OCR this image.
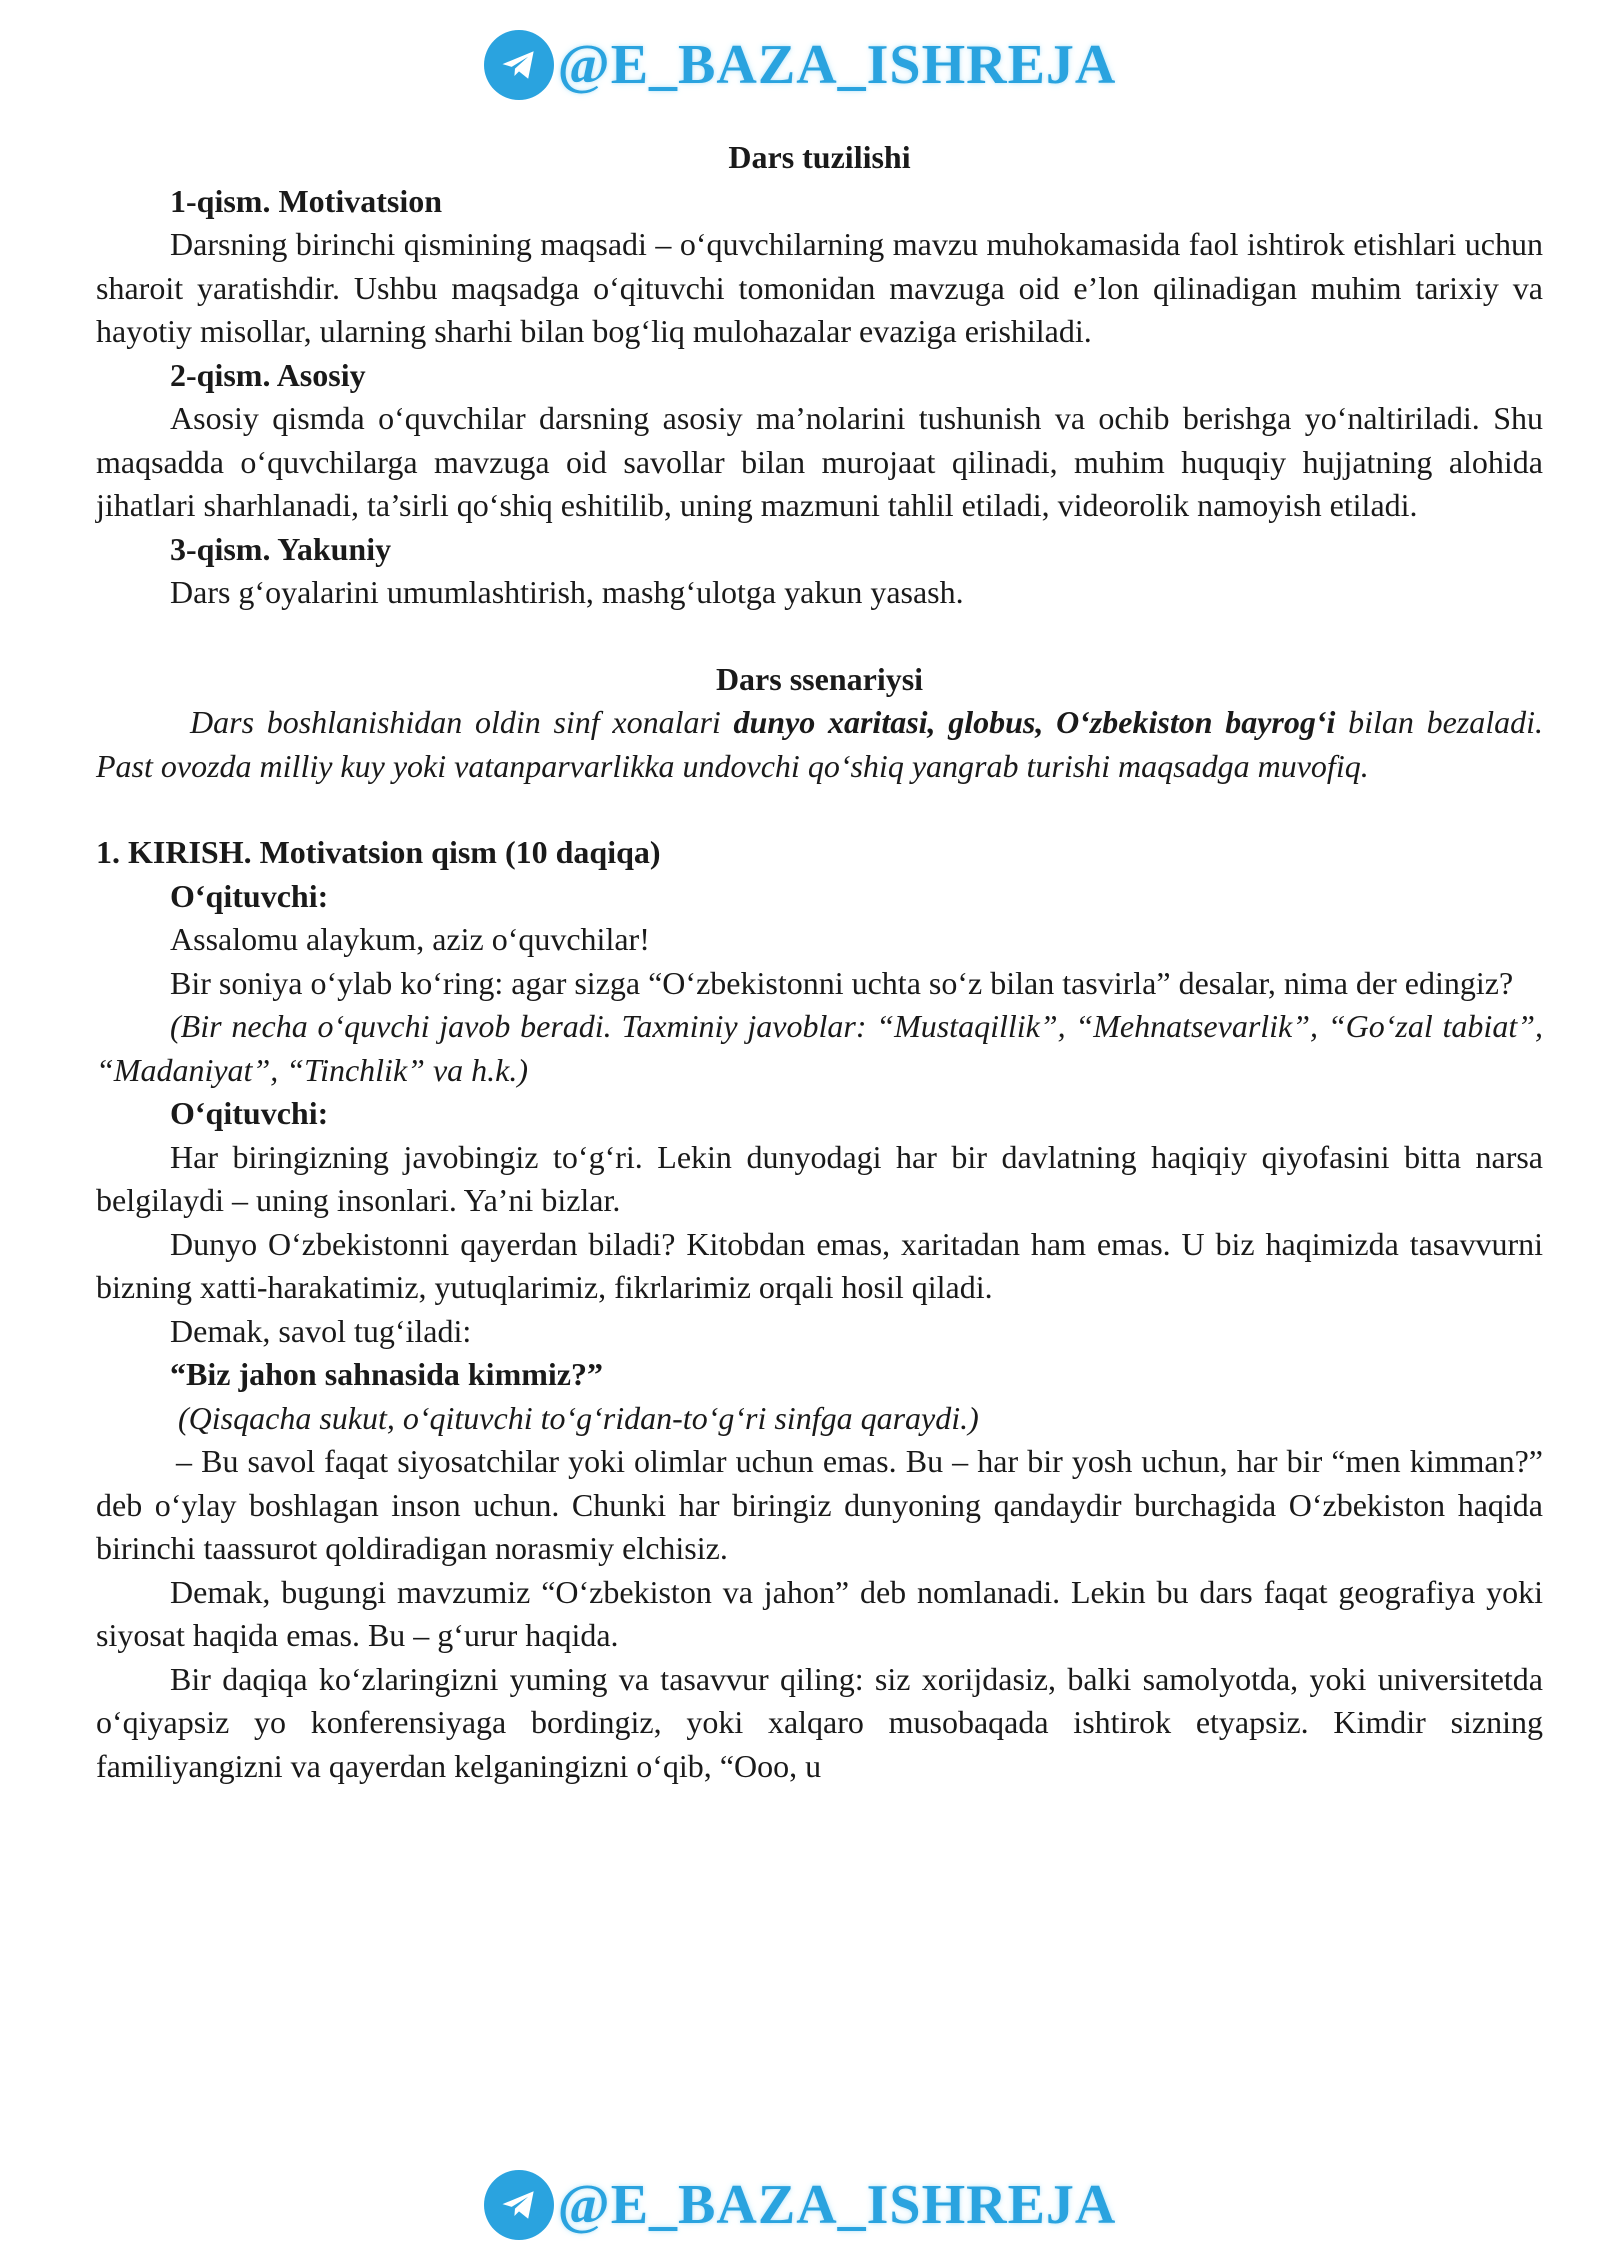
@E_BAZA_ISHREJA

Dars tuzilishi

1-qism. Motivatsion

Darsning birinchi qismining maqsadi – o‘quvchilarning mavzu muhokamasida faol ishtirok etishlari uchun sharoit yaratishdir. Ushbu maqsadga o‘qituvchi tomonidan mavzuga oid e’lon qilinadigan muhim tarixiy va hayotiy misollar, ularning sharhi bilan bog‘liq mulohazalar evaziga erishiladi.

2-qism. Asosiy

Asosiy qismda o‘quvchilar darsning asosiy ma’nolarini tushunish va ochib berishga yo‘naltiriladi. Shu maqsadda o‘quvchilarga mavzuga oid savollar bilan murojaat qilinadi, muhim huquqiy hujjatning alohida jihatlari sharhlanadi, ta’sirli qo‘shiq eshitilib, uning mazmuni tahlil etiladi, videorolik namoyish etiladi.

3-qism. Yakuniy

Dars g‘oyalarini umumlashtirish, mashg‘ulotga yakun yasash.

Dars ssenariysi

Dars boshlanishidan oldin sinf xonalari dunyo xaritasi, globus, O‘zbekiston bayrog‘i bilan bezaladi. Past ovozda milliy kuy yoki vatanparvarlikka undovchi qo‘shiq yangrab turishi maqsadga muvofiq.

1. KIRISH. Motivatsion qism (10 daqiqa)

O‘qituvchi:

Assalomu alaykum, aziz o‘quvchilar!

Bir soniya o‘ylab ko‘ring: agar sizga “O‘zbekistonni uchta so‘z bilan tasvirla” desalar, nima der edingiz?

(Bir necha o‘quvchi javob beradi. Taxminiy javoblar: “Mustaqillik”, “Mehnatsevarlik”, “Go‘zal tabiat”, “Madaniyat”, “Tinchlik” va h.k.)

O‘qituvchi:

Har biringizning javobingiz to‘g‘ri. Lekin dunyodagi har bir davlatning haqiqiy qiyofasini bitta narsa belgilaydi – uning insonlari. Ya’ni bizlar.

Dunyo O‘zbekistonni qayerdan biladi? Kitobdan emas, xaritadan ham emas. U biz haqimizda tasavvurni bizning xatti-harakatimiz, yutuqlarimiz, fikrlarimiz orqali hosil qiladi.

Demak, savol tug‘iladi:

“Biz jahon sahnasida kimmiz?”

(Qisqacha sukut, o‘qituvchi to‘g‘ridan-to‘g‘ri sinfga qaraydi.)

– Bu savol faqat siyosatchilar yoki olimlar uchun emas. Bu – har bir yosh uchun, har bir “men kimman?” deb o‘ylay boshlagan inson uchun. Chunki har biringiz dunyoning qandaydir burchagida O‘zbekiston haqida birinchi taassurot qoldiradigan norasmiy elchisiz.

Demak, bugungi mavzumiz “O‘zbekiston va jahon” deb nomlanadi. Lekin bu dars faqat geografiya yoki siyosat haqida emas. Bu – g‘urur haqida.

Bir daqiqa ko‘zlaringizni yuming va tasavvur qiling: siz xorijdasiz, balki samolyotda, yoki universitetda o‘qiyapsiz yo konferensiyaga bordingiz, yoki xalqaro musobaqada ishtirok etyapsiz. Kimdir sizning familiyangizni va qayerdan kelganingizni o‘qib, “Ooo, u

@E_BAZA_ISHREJA
